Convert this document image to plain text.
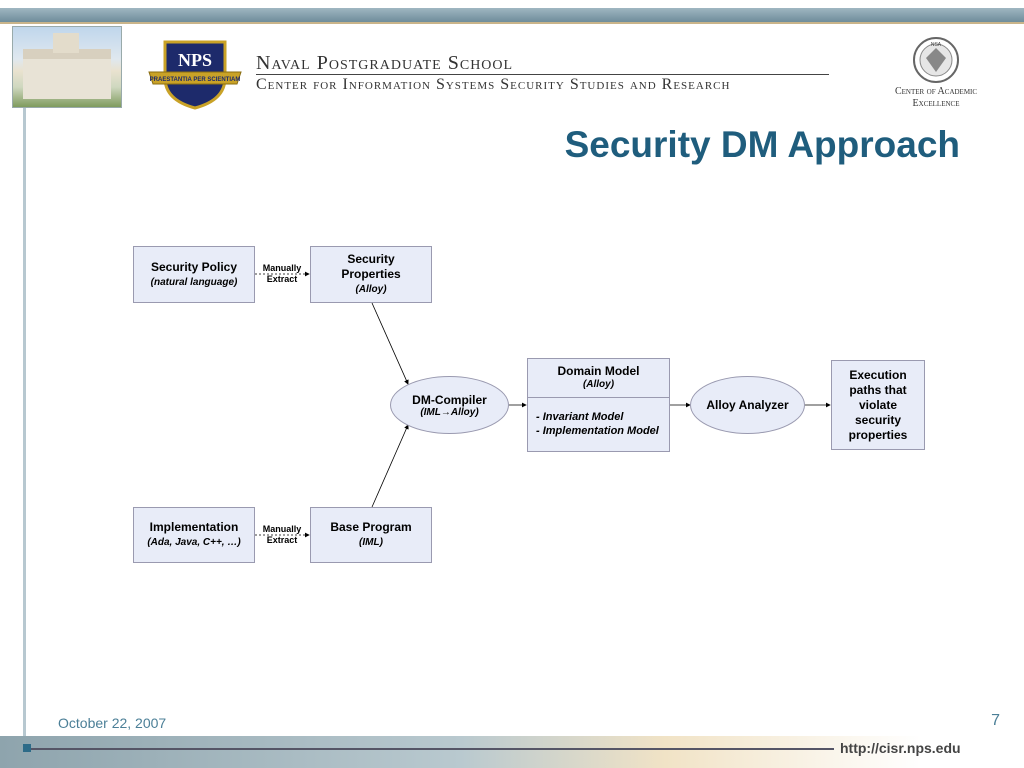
NPS
PRAESTANTIA PER SCIENTIAM
Naval Postgraduate School
Center for Information Systems Security Studies and Research
NSA
Center of Academic
Excellence
Security DM Approach
Security Policy
(natural language)
Manually
Extract
Security
Properties
(Alloy)
Implementation
(Ada, Java, C++, …)
Manually
Extract
Base Program
(IML)
DM-Compiler
(IML→Alloy)
Domain Model
(Alloy)
- Invariant Model
- Implementation Model
Alloy Analyzer
Execution
paths that
violate
security
properties
October 22, 2007	7
http://cisr.nps.edu
